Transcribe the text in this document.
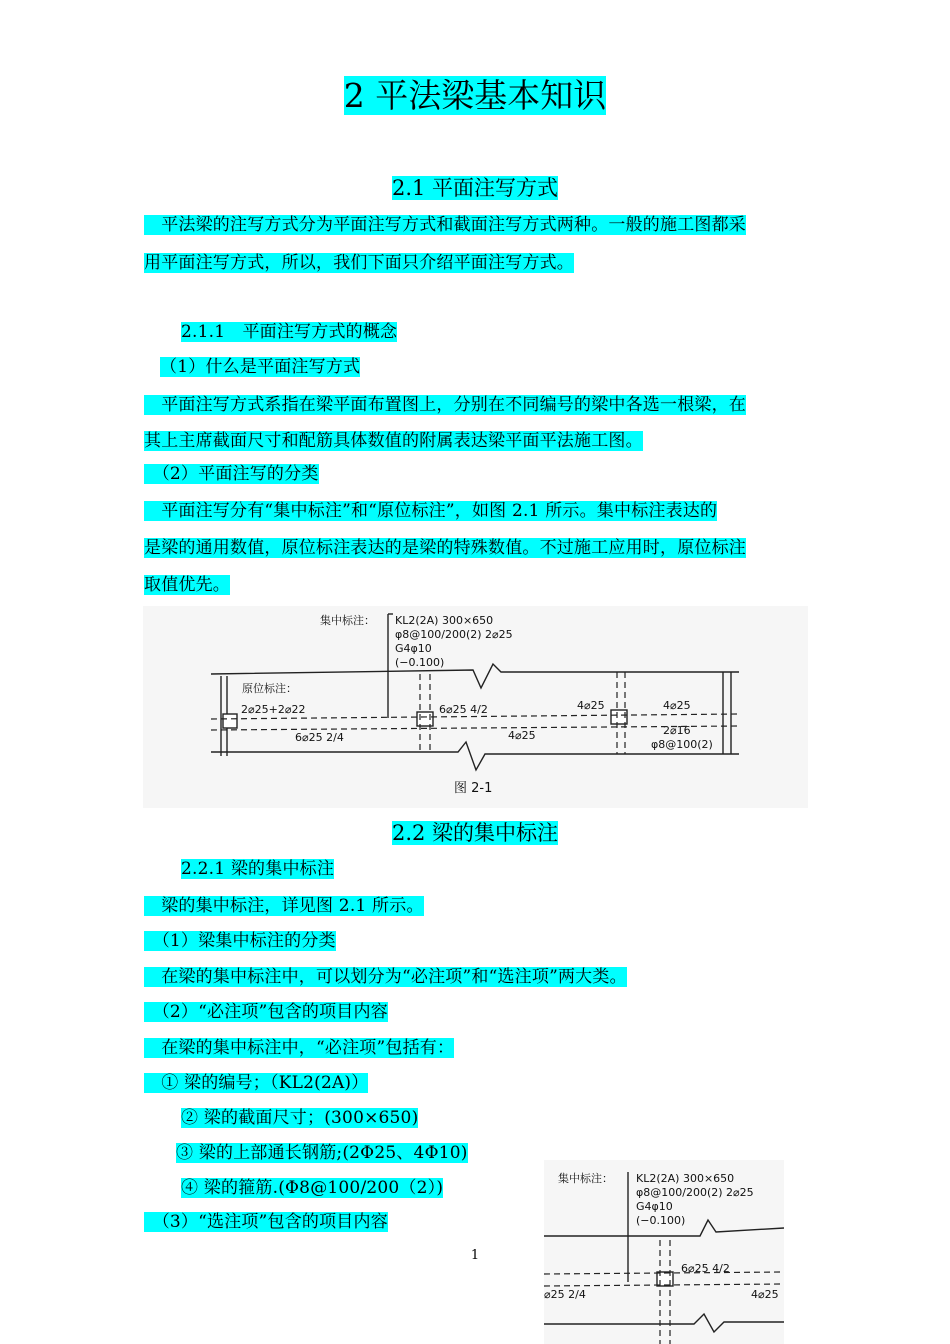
2 平法梁基本知识
2.1 平面注写方式
　平法梁的注写方式分为平面注写方式和截面注写方式两种。一般的施工图都采
用平面注写方式，所以，我们下面只介绍平面注写方式。
2.1.1　平面注写方式的概念
（1）什么是平面注写方式
　平面注写方式系指在梁平面布置图上，分别在不同编号的梁中各选一根梁，在
其上主席截面尺寸和配筋具体数值的附属表达梁平面平法施工图。
　（2）平面注写的分类
　平面注写分有“集中标注”和“原位标注”，如图 2.1 所示。集中标注表达的
是梁的通用数值，原位标注表达的是梁的特殊数值。不过施工应用时，原位标注
取值优先。
集中标注： KL2(2A) 300×650
φ8@100/200(2) 2⌀25
G4φ10
(−0.100)
原位标注：
2⌀25+2⌀22	6⌀25 4/2	4⌀25	4⌀25
6⌀25 2/4	4⌀25	2⌀16
φ8@100(2)
图 2-1
2.2 梁的集中标注
2.2.1 梁的集中标注
　梁的集中标注，详见图 2.1 所示。
　（1）梁集中标注的分类
　在梁的集中标注中，可以划分为“必注项”和“选注项”两大类。
　（2）“必注项”包含的项目内容
　在梁的集中标注中，“必注项”包括有：
　① 梁的编号；（KL2(2A)）
② 梁的截面尺寸；(300×650)
③ 梁的上部通长钢筋;(2Φ25、4Φ10)
④ 梁的箍筋.(Φ8@100/200（2）)
　（3）“选注项”包含的项目内容
集中标注： KL2(2A) 300×650
φ8@100/200(2) 2⌀25
G4φ10
(−0.100)
6⌀25 4/2
⌀25 2/4	4⌀25
1
